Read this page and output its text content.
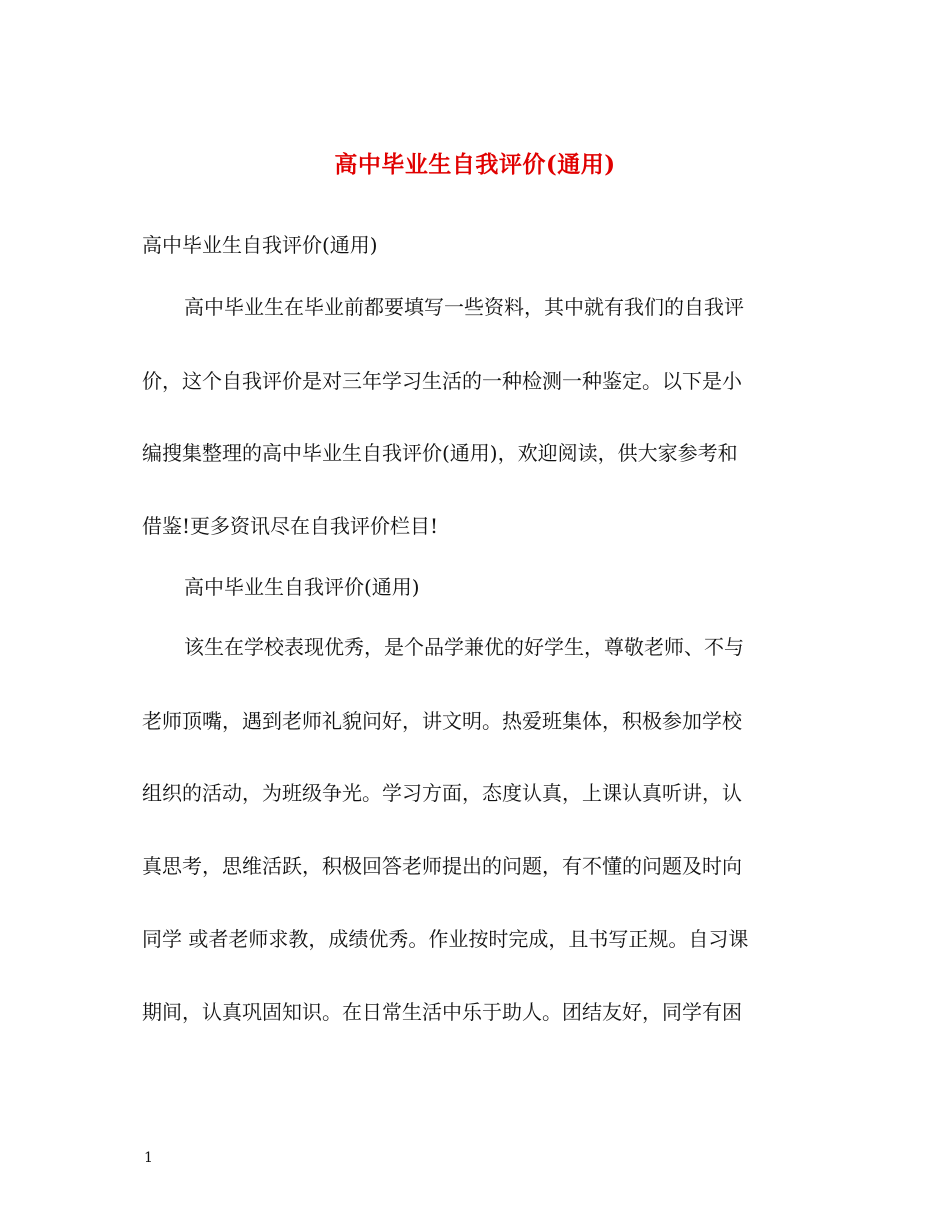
高中毕业生自我评价(通用)
高中毕业生自我评价(通用)
高中毕业生在毕业前都要填写一些资料，其中就有我们的自我评
价，这个自我评价是对三年学习生活的一种检测一种鉴定。以下是小
编搜集整理的高中毕业生自我评价(通用)，欢迎阅读，供大家参考和
借鉴!更多资讯尽在自我评价栏目!
高中毕业生自我评价(通用)
该生在学校表现优秀，是个品学兼优的好学生，尊敬老师、不与
老师顶嘴，遇到老师礼貌问好，讲文明。热爱班集体，积极参加学校
组织的活动，为班级争光。学习方面，态度认真，上课认真听讲，认
真思考，思维活跃，积极回答老师提出的问题，有不懂的问题及时向
同学 或者老师求教，成绩优秀。作业按时完成，且书写正规。自习课
期间，认真巩固知识。在日常生活中乐于助人。团结友好，同学有困
1
